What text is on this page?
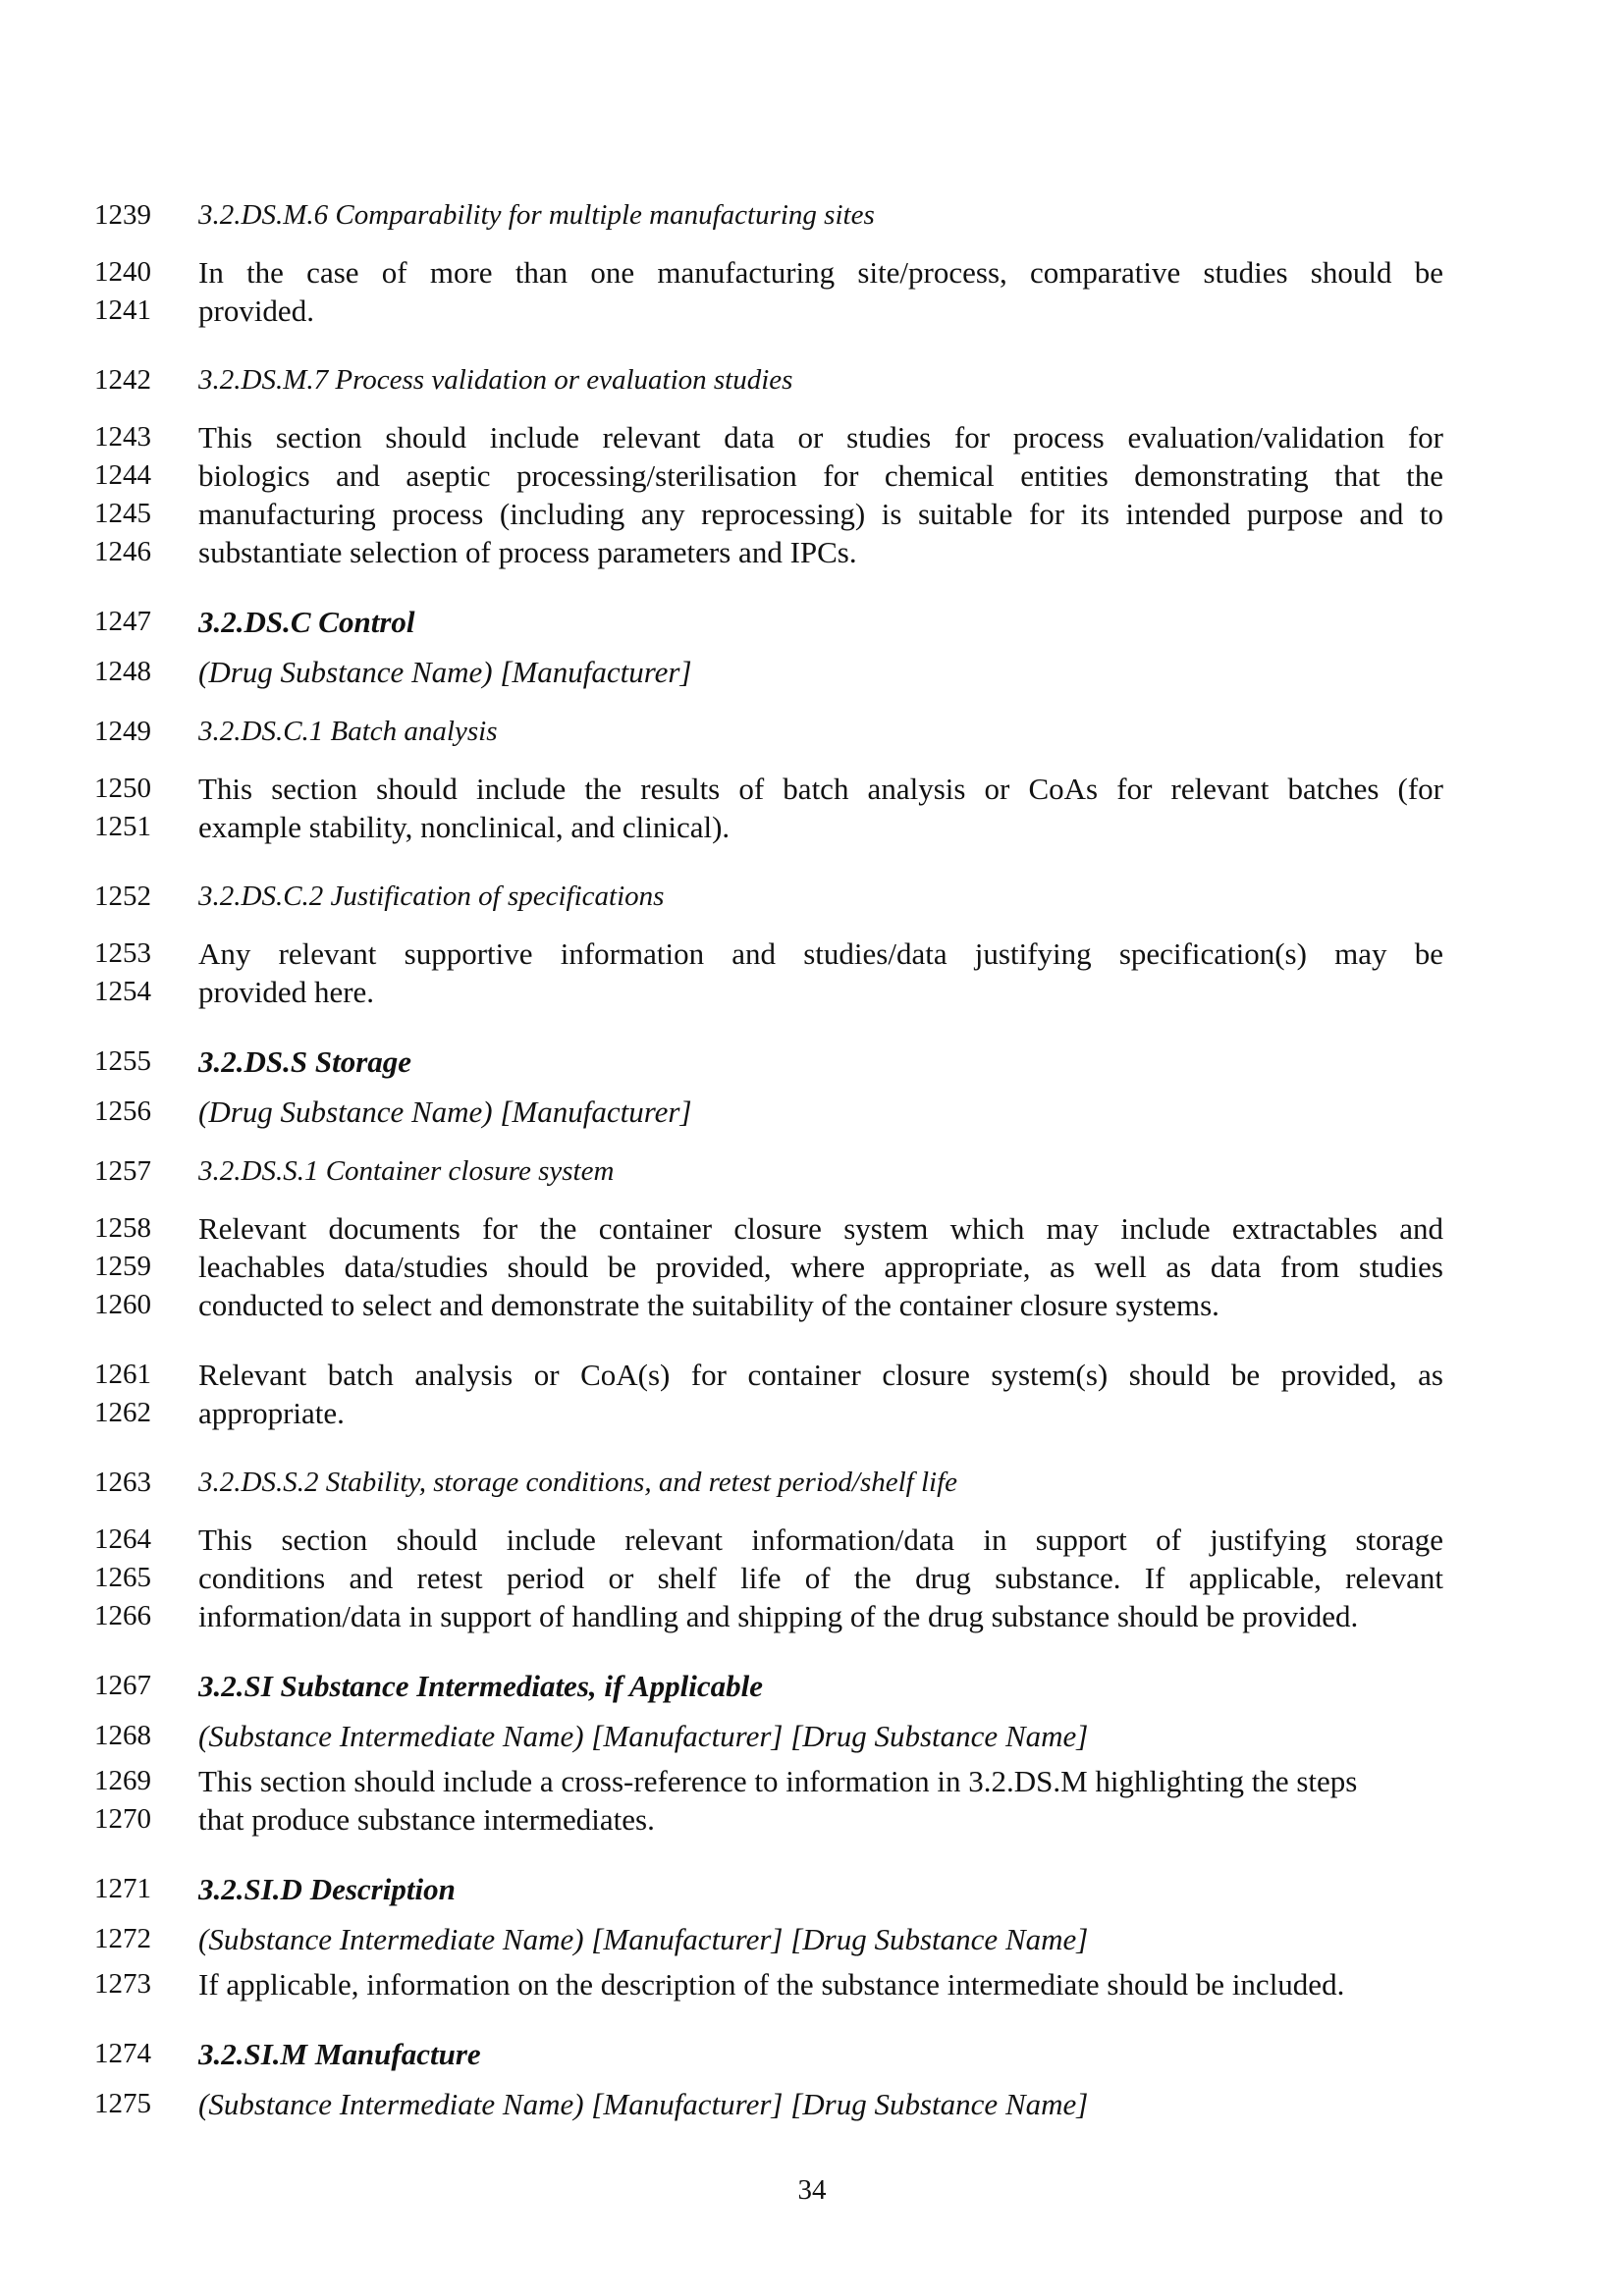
1239 3.2.DS.M.6 Comparability for multiple manufacturing sites
1240 In the case of more than one manufacturing site/process, comparative studies should be
1241 provided.
1242 3.2.DS.M.7 Process validation or evaluation studies
1243 This section should include relevant data or studies for process evaluation/validation for
1244 biologics and aseptic processing/sterilisation for chemical entities demonstrating that the
1245 manufacturing process (including any reprocessing) is suitable for its intended purpose and to
1246 substantiate selection of process parameters and IPCs.
1247 3.2.DS.C Control
1248 (Drug Substance Name) [Manufacturer]
1249 3.2.DS.C.1 Batch analysis
1250 This section should include the results of batch analysis or CoAs for relevant batches (for
1251 example stability, nonclinical, and clinical).
1252 3.2.DS.C.2 Justification of specifications
1253 Any relevant supportive information and studies/data justifying specification(s) may be
1254 provided here.
1255 3.2.DS.S Storage
1256 (Drug Substance Name) [Manufacturer]
1257 3.2.DS.S.1 Container closure system
1258 Relevant documents for the container closure system which may include extractables and
1259 leachables data/studies should be provided, where appropriate, as well as data from studies
1260 conducted to select and demonstrate the suitability of the container closure systems.
1261 Relevant batch analysis or CoA(s) for container closure system(s) should be provided, as
1262 appropriate.
1263 3.2.DS.S.2 Stability, storage conditions, and retest period/shelf life
1264 This section should include relevant information/data in support of justifying storage
1265 conditions and retest period or shelf life of the drug substance. If applicable, relevant
1266 information/data in support of handling and shipping of the drug substance should be provided.
1267 3.2.SI Substance Intermediates, if Applicable
1268 (Substance Intermediate Name) [Manufacturer] [Drug Substance Name]
1269 This section should include a cross-reference to information in 3.2.DS.M highlighting the steps
1270 that produce substance intermediates.
1271 3.2.SI.D Description
1272 (Substance Intermediate Name) [Manufacturer] [Drug Substance Name]
1273 If applicable, information on the description of the substance intermediate should be included.
1274 3.2.SI.M Manufacture
1275 (Substance Intermediate Name) [Manufacturer] [Drug Substance Name]
34
